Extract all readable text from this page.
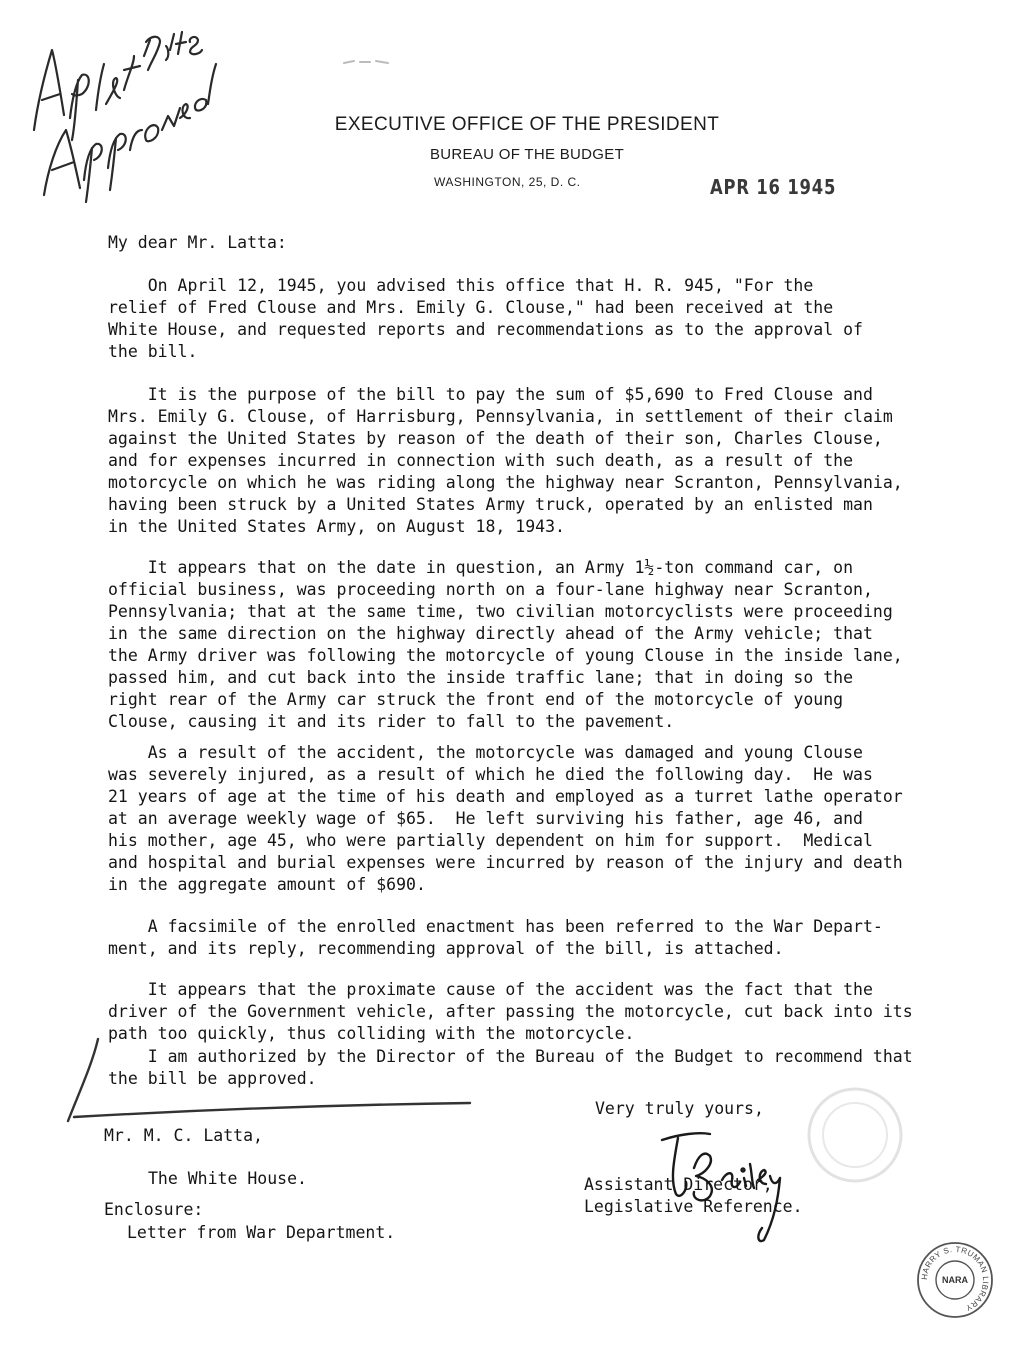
EXECUTIVE OFFICE OF THE PRESIDENT
BUREAU OF THE BUDGET
WASHINGTON, 25, D. C.	APR 16 1945
My dear Mr. Latta:
On April 12, 1945, you advised this office that H. R. 945, "For the
relief of Fred Clouse and Mrs. Emily G. Clouse," had been received at the
White House, and requested reports and recommendations as to the approval of
the bill.
It is the purpose of the bill to pay the sum of $5,690 to Fred Clouse and
Mrs. Emily G. Clouse, of Harrisburg, Pennsylvania, in settlement of their claim
against the United States by reason of the death of their son, Charles Clouse,
and for expenses incurred in connection with such death, as a result of the
motorcycle on which he was riding along the highway near Scranton, Pennsylvania,
having been struck by a United States Army truck, operated by an enlisted man
in the United States Army, on August 18, 1943.
It appears that on the date in question, an Army 1½-ton command car, on
official business, was proceeding north on a four-lane highway near Scranton,
Pennsylvania; that at the same time, two civilian motorcyclists were proceeding
in the same direction on the highway directly ahead of the Army vehicle; that
the Army driver was following the motorcycle of young Clouse in the inside lane,
passed him, and cut back into the inside traffic lane; that in doing so the
right rear of the Army car struck the front end of the motorcycle of young
Clouse, causing it and its rider to fall to the pavement.
As a result of the accident, the motorcycle was damaged and young Clouse
was severely injured, as a result of which he died the following day.  He was
21 years of age at the time of his death and employed as a turret lathe operator
at an average weekly wage of $65.  He left surviving his father, age 46, and
his mother, age 45, who were partially dependent on him for support.  Medical
and hospital and burial expenses were incurred by reason of the injury and death
in the aggregate amount of $690.
A facsimile of the enrolled enactment has been referred to the War Depart-
ment, and its reply, recommending approval of the bill, is attached.
It appears that the proximate cause of the accident was the fact that the
driver of the Government vehicle, after passing the motorcycle, cut back into its
path too quickly, thus colliding with the motorcycle.
I am authorized by the Director of the Bureau of the Budget to recommend that
the bill be approved.
Very truly yours,
Assistant Director,
Legislative Reference.
Mr. M. C. Latta,
The White House.
Enclosure:
Letter from War Department.
HARRY S. TRUMAN LIBRARY
NARA
